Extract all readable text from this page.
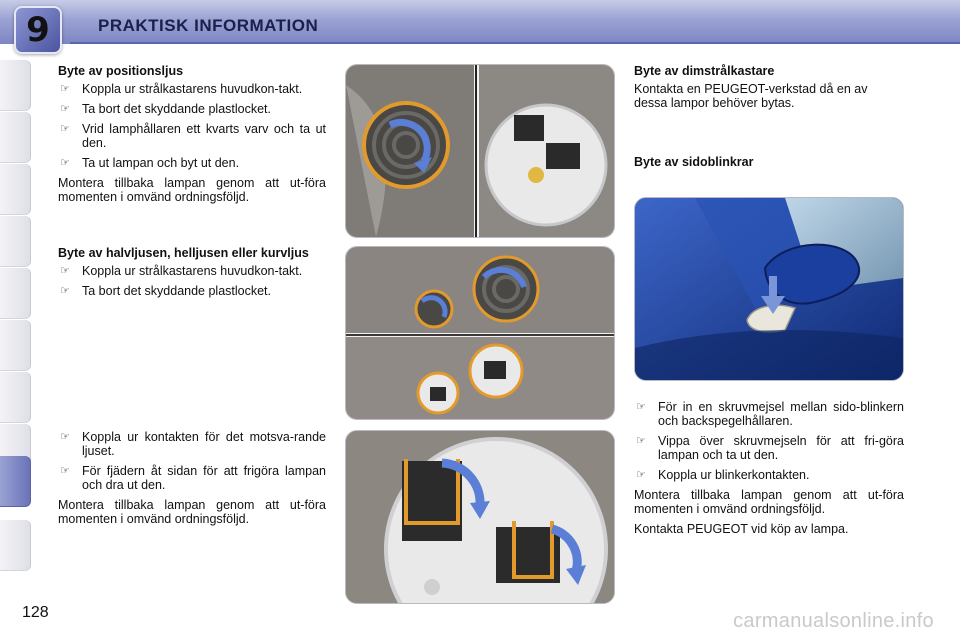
9	PRAKTISK INFORMATION
Byte av positionsljus
☞ Koppla ur strålkastarens huvudkon-takt.
☞ Ta bort det skyddande plastlocket.
☞ Vrid lamphållaren ett kvarts varv och ta ut den.
☞ Ta ut lampan och byt ut den.

Montera tillbaka lampan genom att ut-föra momenten i omvänd ordningsföljd.

Byte av halvljusen, helljusen eller kurvljus
☞ Koppla ur strålkastarens huvudkon-takt.
☞ Ta bort det skyddande plastlocket.
☞ Koppla ur kontakten för det motsva-rande ljuset.
☞ För fjädern åt sidan för att frigöra lampan och dra ut den.

Montera tillbaka lampan genom att ut-föra momenten i omvänd ordningsföljd.

Byte av dimstrålkastare

Kontakta en PEUGEOT-verkstad då en av dessa lampor behöver bytas.

Byte av sidoblinkrar
☞ För in en skruvmejsel mellan sido-blinkern och backspegelhållaren.
☞ Vippa över skruvmejseln för att fri-göra lampan och ta ut den.
☞ Koppla ur blinkerkontakten.

Montera tillbaka lampan genom att ut-föra momenten i omvänd ordningsföljd.

Kontakta PEUGEOT vid köp av lampa.

128	carmanualsonline.info
